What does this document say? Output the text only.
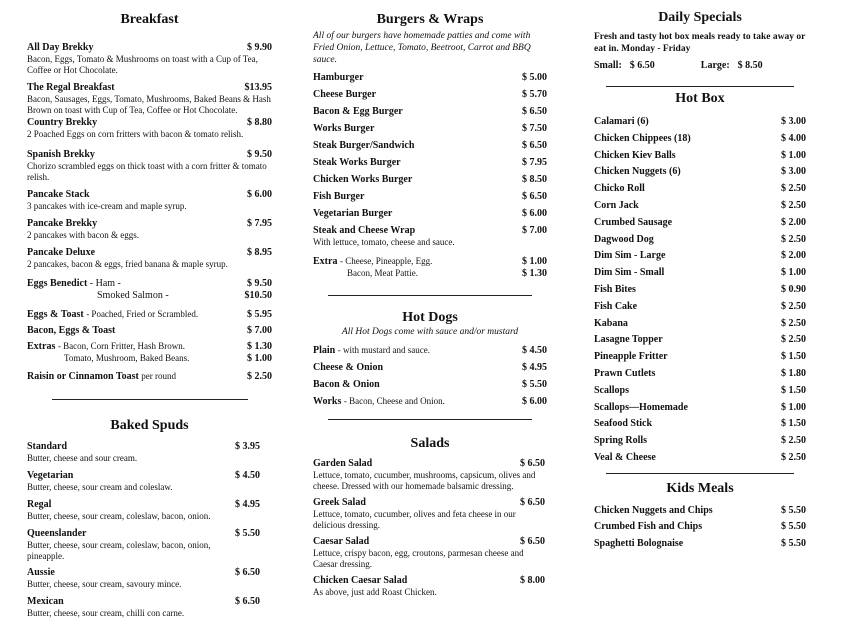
Breakfast
All Day Brekky	$ 9.90
Bacon, Eggs, Tomato & Mushrooms on toast with a Cup of Tea, Coffee or Hot Chocolate.
The Regal Breakfast	$13.95
Bacon, Sausages, Eggs, Tomato, Mushrooms, Baked Beans & Hash Brown on toast with Cup of Tea, Coffee or Hot Chocolate.
Country Brekky	$ 8.80
2 Poached Eggs on corn fritters with bacon & tomato relish.
Spanish Brekky	$ 9.50
Chorizo scrambled eggs on thick toast with a corn fritter & tomato relish.
Pancake Stack	$ 6.00
3 pancakes with ice-cream and maple syrup.
Pancake Brekky	$ 7.95
2 pancakes with bacon & eggs.
Pancake Deluxe	$ 8.95
2 pancakes, bacon & eggs, fried banana & maple syrup.
Eggs Benedict - Ham -	$ 9.50
Smoked Salmon -	$10.50
Eggs & Toast - Poached, Fried or Scrambled.	$ 5.95
Bacon, Eggs & Toast	$ 7.00
Extras - Bacon, Corn Fritter, Hash Brown.	$ 1.30
Tomato, Mushroom, Baked Beans.	$ 1.00
Raisin or Cinnamon Toast per round	$ 2.50
Baked Spuds
Standard	$ 3.95
Butter, cheese and sour cream.
Vegetarian	$ 4.50
Butter, cheese, sour cream and coleslaw.
Regal	$ 4.95
Butter, cheese, sour cream, coleslaw, bacon, onion.
Queenslander	$ 5.50
Butter, cheese, sour cream, coleslaw, bacon, onion, pineapple.
Aussie	$ 6.50
Butter, cheese, sour cream, savoury mince.
Mexican	$ 6.50
Butter, cheese, sour cream, chilli con carne.
Burgers & Wraps

All of our burgers have homemade patties and come with Fried Onion, Lettuce, Tomato, Beetroot, Carrot and BBQ sauce.

Hamburger	$ 5.00
Cheese Burger	$ 5.70
Bacon & Egg Burger	$ 6.50
Works Burger	$ 7.50
Steak Burger/Sandwich	$ 6.50
Steak Works Burger	$ 7.95
Chicken Works Burger	$ 8.50
Fish Burger	$ 6.50
Vegetarian Burger	$ 6.00
Steak and Cheese Wrap	$ 7.00
With lettuce, tomato, cheese and sauce.
Extra - Cheese, Pineapple, Egg.	$ 1.00
Bacon, Meat Pattie.	$ 1.30
Hot Dogs

All Hot Dogs come with sauce and/or mustard

Plain - with mustard and sauce.	$ 4.50
Cheese & Onion	$ 4.95
Bacon & Onion	$ 5.50
Works - Bacon, Cheese and Onion.	$ 6.00
Salads
Garden Salad	$ 6.50
Lettuce, tomato, cucumber, mushrooms, capsicum, olives and cheese. Dressed with our homemade balsamic dressing.
Greek Salad	$ 6.50
Lettuce, tomato, cucumber, olives and feta cheese in our delicious dressing.
Caesar Salad	$ 6.50
Lettuce, crispy bacon, egg, croutons, parmesan cheese and Caesar dressing.
Chicken Caesar Salad	$ 8.00
As above, just add Roast Chicken.
Daily Specials

Fresh and tasty hot box meals ready to take away or eat in. Monday - Friday

Small: $ 6.50	Large: $ 8.50
Hot Box
Calamari (6)	$ 3.00
Chicken Chippees (18)	$ 4.00
Chicken Kiev Balls	$ 1.00
Chicken Nuggets (6)	$ 3.00
Chicko Roll	$ 2.50
Corn Jack	$ 2.50
Crumbed Sausage	$ 2.00
Dagwood Dog	$ 2.50
Dim Sim - Large	$ 2.00
Dim Sim - Small	$ 1.00
Fish Bites	$ 0.90
Fish Cake	$ 2.50
Kabana	$ 2.50
Lasagne Topper	$ 2.50
Pineapple Fritter	$ 1.50
Prawn Cutlets	$ 1.80
Scallops	$ 1.50
Scallops—Homemade	$ 1.00
Seafood Stick	$ 1.50
Spring Rolls	$ 2.50
Veal & Cheese	$ 2.50
Kids Meals
Chicken Nuggets and Chips	$ 5.50
Crumbed Fish and Chips	$ 5.50
Spaghetti Bolognaise	$ 5.50
